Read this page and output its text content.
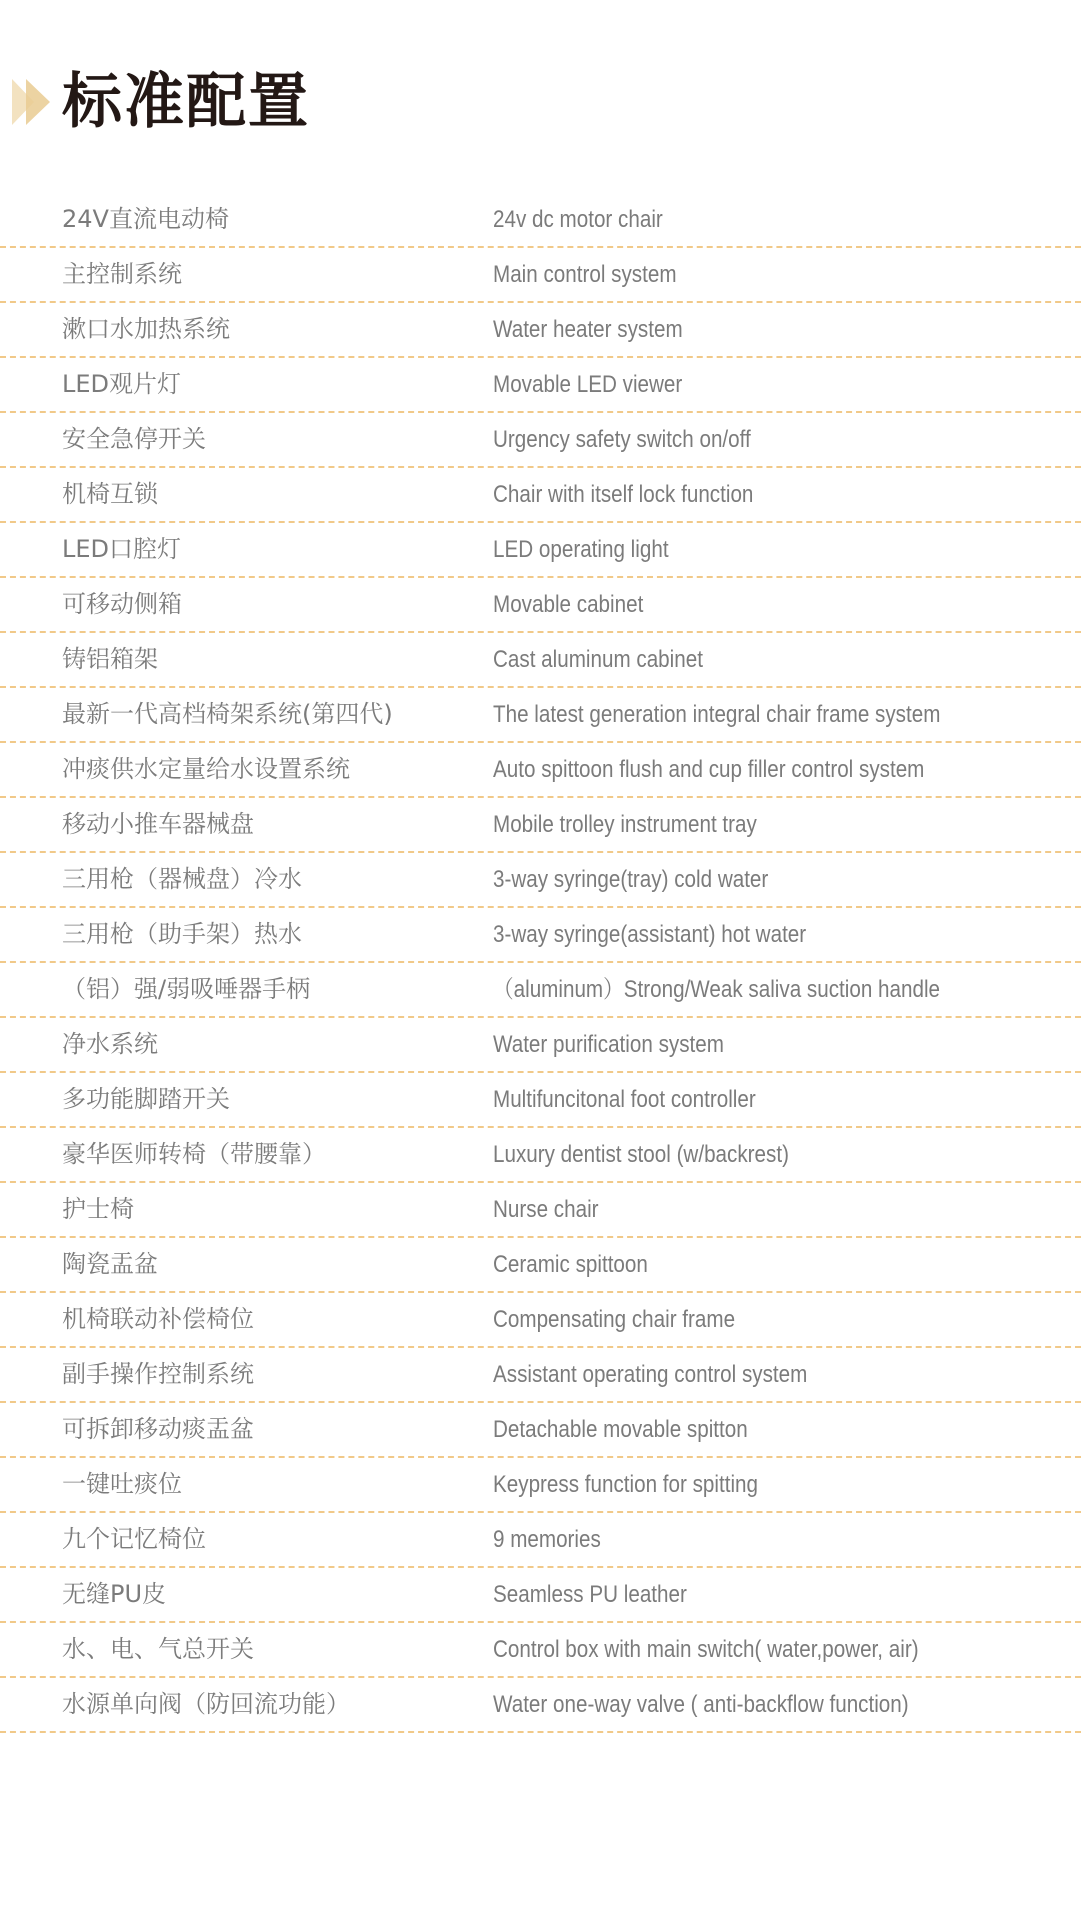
标准配置
24V直流电动椅	24v dc motor chair
主控制系统	Main control system
漱口水加热系统	Water heater system
LED观片灯	Movable LED viewer
安全急停开关	Urgency safety switch on/off
机椅互锁	Chair with itself lock function
LED口腔灯	LED operating light
可移动侧箱	Movable cabinet
铸铝箱架	Cast aluminum cabinet
最新一代高档椅架系统(第四代)	The latest generation integral chair frame system
冲痰供水定量给水设置系统	Auto spittoon flush and cup filler control system
移动小推车器械盘	Mobile trolley instrument tray
三用枪（器械盘）冷水	3-way syringe(tray) cold water
三用枪（助手架）热水	3-way syringe(assistant) hot water
（铝）强/弱吸唾器手柄	（aluminum）Strong/Weak saliva suction handle
净水系统	Water purification system
多功能脚踏开关	Multifuncitonal foot controller
豪华医师转椅（带腰靠）	Luxury dentist stool (w/backrest)
护士椅	Nurse chair
陶瓷盂盆	Ceramic spittoon
机椅联动补偿椅位	Compensating chair frame
副手操作控制系统	Assistant operating control system
可拆卸移动痰盂盆	Detachable movable spitton
一键吐痰位	Keypress function for spitting
九个记忆椅位	9 memories
无缝PU皮	Seamless PU leather
水、电、气总开关	Control box with main switch( water,power, air)
水源单向阀（防回流功能）	Water one-way valve ( anti-backflow function)
